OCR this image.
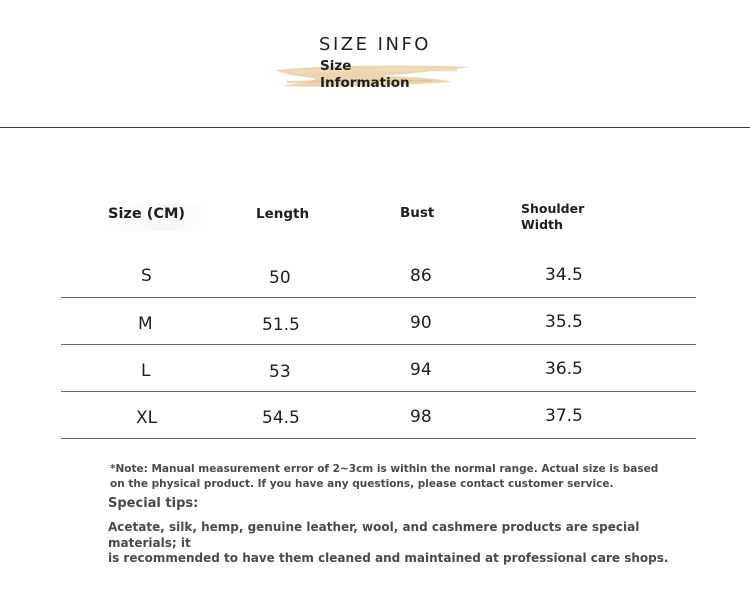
SIZE INFO
Size
Information
Size (CM)	Length	Bust	Shoulder
Width
S	50	86	34.5
M	51.5	90	35.5
L	53	94	36.5
XL	54.5	98	37.5
*Note: Manual measurement error of 2~3cm is within the normal range. Actual size is based
on the physical product. If you have any questions, please contact customer service.
Special tips:
Acetate, silk, hemp, genuine leather, wool, and cashmere products are special materials; it
is recommended to have them cleaned and maintained at professional care shops.
